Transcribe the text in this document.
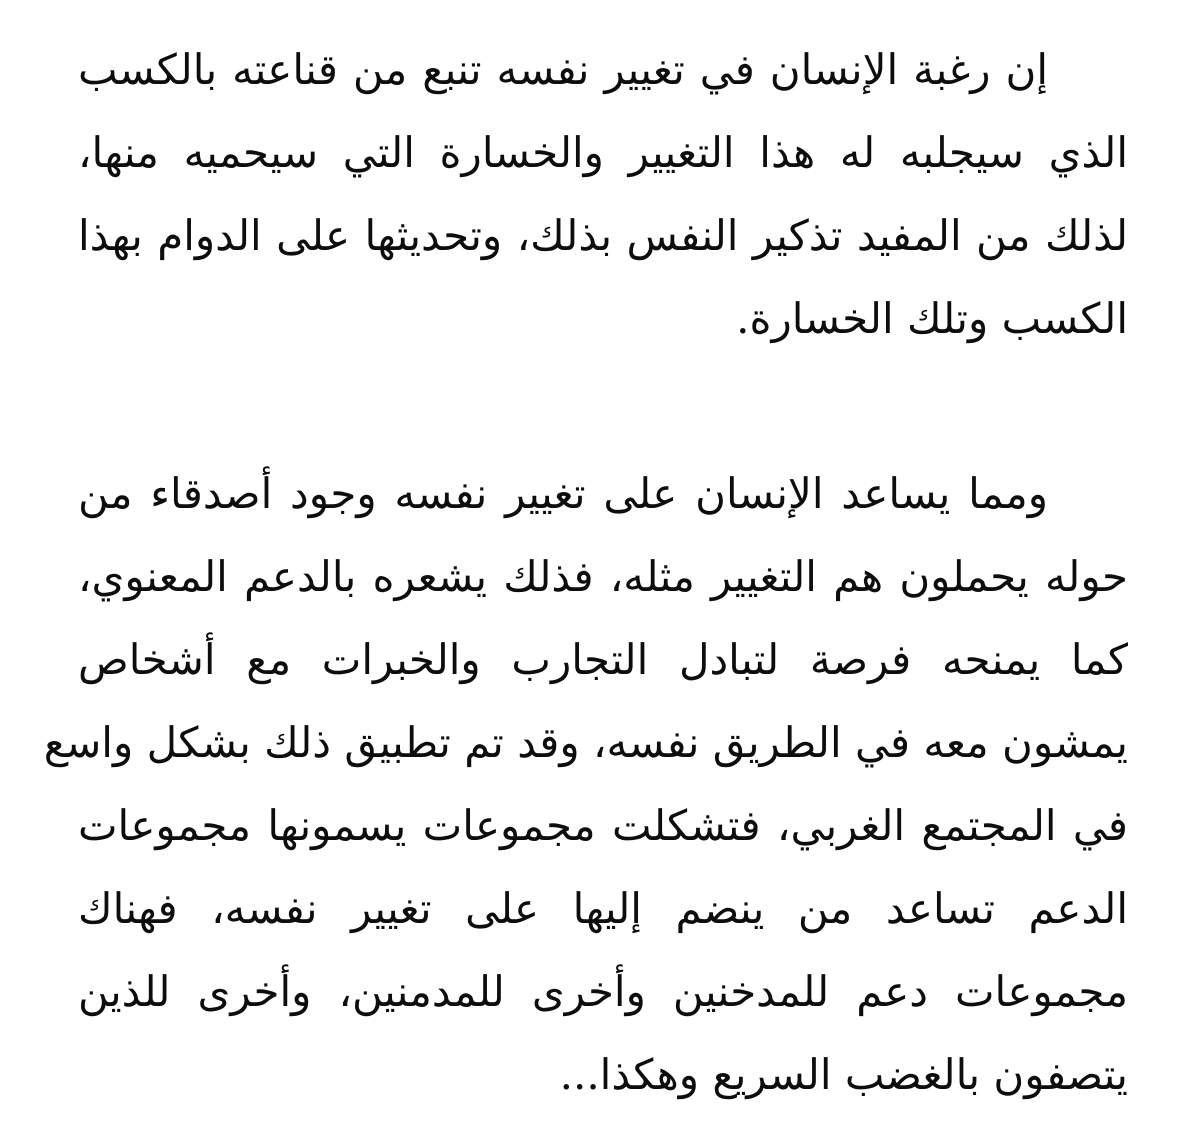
إن رغبة الإنسان في تغيير نفسه تنبع من قناعته بالكسب
الذي سيجلبه له هذا التغيير والخسارة التي سيحميه منها،
لذلك من المفيد تذكير النفس بذلك، وتحديثها على الدوام بهذا
الكسب وتلك الخسارة.
ومما يساعد الإنسان على تغيير نفسه وجود أصدقاء من
حوله يحملون هم التغيير مثله، فذلك يشعره بالدعم المعنوي،
كما يمنحه فرصة لتبادل التجارب والخبرات مع أشخاص
يمشون معه في الطريق نفسه، وقد تم تطبيق ذلك بشكل واسع
في المجتمع الغربي، فتشكلت مجموعات يسمونها مجموعات
الدعم تساعد من ينضم إليها على تغيير نفسه، فهناك
مجموعات دعم للمدخنين وأخرى للمدمنين، وأخرى للذين
يتصفون بالغضب السريع وهكذا...
